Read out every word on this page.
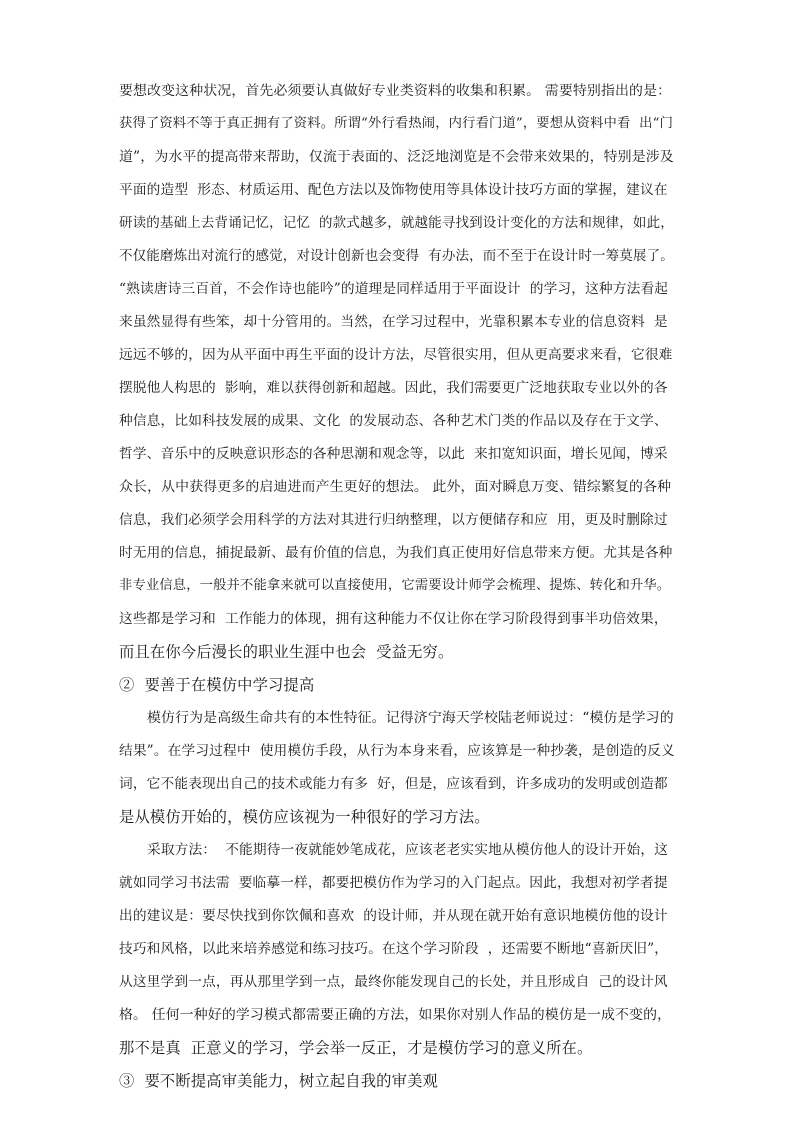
要想改变这种状况，首先必须要认真做好专业类资料的收集和积累。 需要特别指出的是：
获得了资料不等于真正拥有了资料。所谓“外行看热闹，内行看门道”，要想从资料中看  出“门
道”，为水平的提高带来帮助，仅流于表面的、泛泛地浏览是不会带来效果的，特别是涉及
平面的造型  形态、材质运用、配色方法以及饰物使用等具体设计技巧方面的掌握，建议在
研读的基础上去背诵记忆，记忆  的款式越多，就越能寻找到设计变化的方法和规律，如此，
不仅能磨炼出对流行的感觉，对设计创新也会变得  有办法，而不至于在设计时一筹莫展了。
“熟读唐诗三百首，不会作诗也能吟”的道理是同样适用于平面设计  的学习，这种方法看起
来虽然显得有些笨，却十分管用的。当然，在学习过程中，光靠积累本专业的信息资料  是
远远不够的，因为从平面中再生平面的设计方法，尽管很实用，但从更高要求来看，它很难
摆脱他人构思的  影响，难以获得创新和超越。因此，我们需要更广泛地获取专业以外的各
种信息，比如科技发展的成果、文化  的发展动态、各种艺术门类的作品以及存在于文学、
哲学、音乐中的反映意识形态的各种思潮和观念等，以此  来扣宽知识面，增长见闻，博采
众长，从中获得更多的启迪进而产生更好的想法。 此外，面对瞬息万变、错综繁复的各种
信息，我们必须学会用科学的方法对其进行归纳整理，以方便储存和应  用，更及时删除过
时无用的信息，捕捉最新、最有价值的信息，为我们真正使用好信息带来方便。尤其是各种
非专业信息，一般并不能拿来就可以直接使用，它需要设计师学会梳理、提炼、转化和升华。
这些都是学习和  工作能力的体现，拥有这种能力不仅让你在学习阶段得到事半功倍效果，
而且在你今后漫长的职业生涯中也会  受益无穷。
②  要善于在模仿中学习提高
模仿行为是高级生命共有的本性特征。记得济宁海天学校陆老师说过：“模仿是学习的
结果”。在学习过程中  使用模仿手段，从行为本身来看，应该算是一种抄袭，是创造的反义
词，它不能表现出自己的技术或能力有多  好，但是，应该看到，许多成功的发明或创造都
是从模仿开始的，模仿应该视为一种很好的学习方法。
采取方法：  不能期待一夜就能妙笔成花，应该老老实实地从模仿他人的设计开始，这
就如同学习书法需  要临摹一样，都要把模仿作为学习的入门起点。因此，我想对初学者提
出的建议是：要尽快找到你饮佩和喜欢  的设计师，并从现在就开始有意识地模仿他的设计
技巧和风格，以此来培养感觉和练习技巧。在这个学习阶段  ，还需要不断地“喜新厌旧”，
从这里学到一点，再从那里学到一点，最终你能发现自己的长处，并且形成自  己的设计风
格。 任何一种好的学习模式都需要正确的方法，如果你对别人作品的模仿是一成不变的，
那不是真  正意义的学习，学会举一反正，才是模仿学习的意义所在。
③  要不断提高审美能力，树立起自我的审美观
